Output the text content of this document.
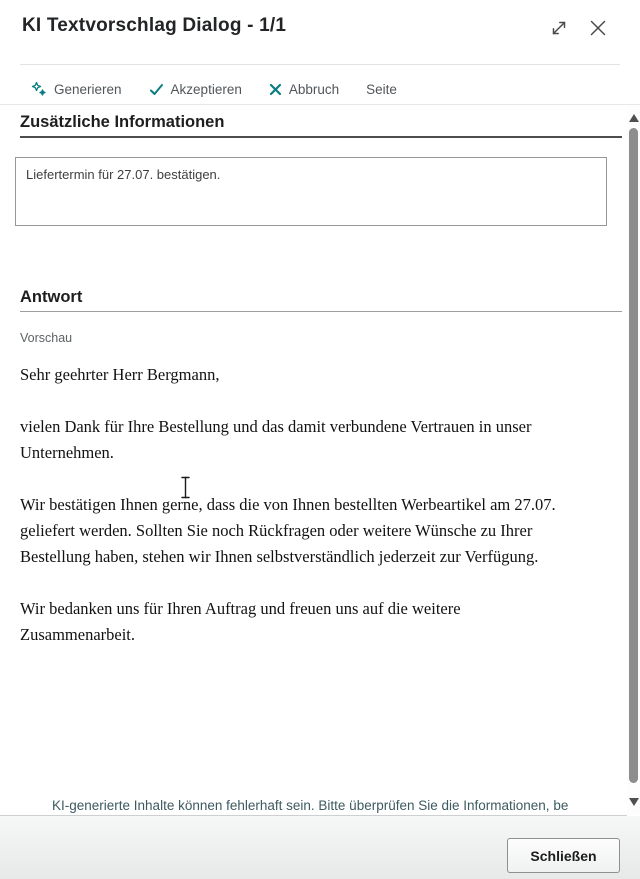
KI Textvorschlag Dialog - 1/1
Generieren	Akzeptieren	Abbruch Seite
Zusätzliche Informationen
Liefertermin für 27.07. bestätigen.
Antwort
Vorschau

Sehr geehrter Herr Bergmann,

vielen Dank für Ihre Bestellung und das damit verbundene Vertrauen in unser
Unternehmen.

Wir bestätigen Ihnen gerne, dass die von Ihnen bestellten Werbeartikel am 27.07.
geliefert werden. Sollten Sie noch Rückfragen oder weitere Wünsche zu Ihrer
Bestellung haben, stehen wir Ihnen selbstverständlich jederzeit zur Verfügung.

Wir bedanken uns für Ihren Auftrag und freuen uns auf die weitere
Zusammenarbeit.

KI-generierte Inhalte können fehlerhaft sein. Bitte überprüfen Sie die Informationen, be
Schließen
